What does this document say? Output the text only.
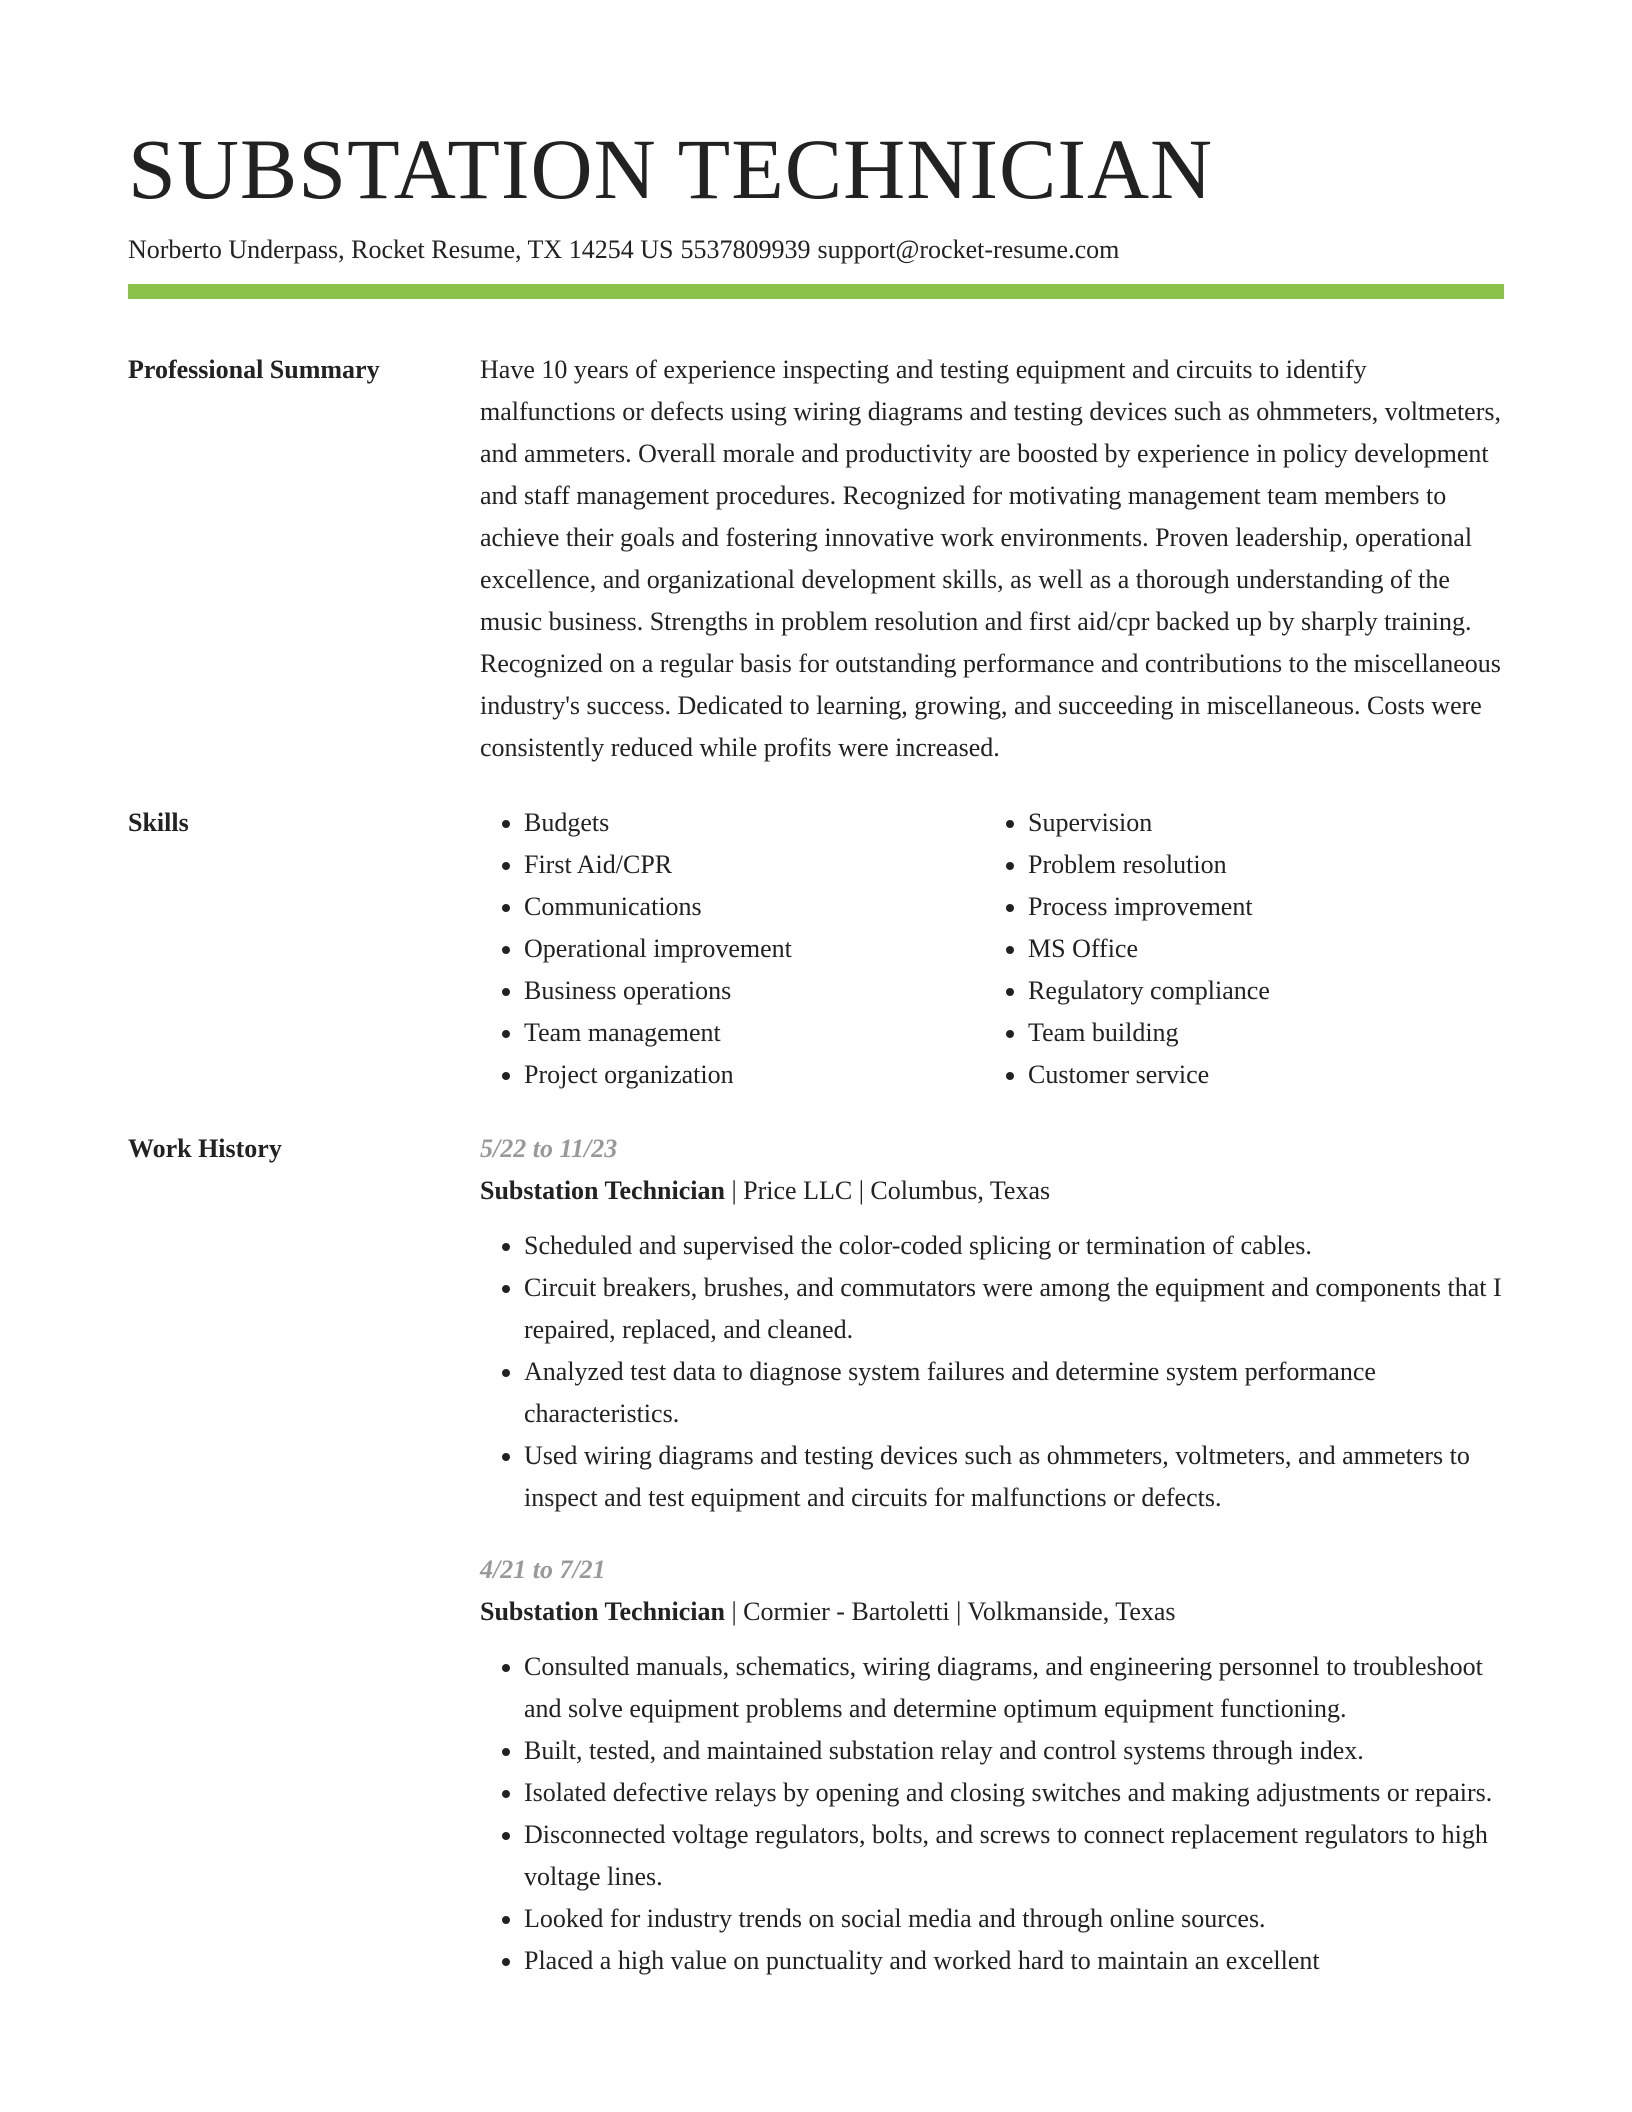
SUBSTATION TECHNICIAN
Norberto Underpass, Rocket Resume, TX 14254 US 5537809939 support@rocket-resume.com
Professional Summary	Have 10 years of experience inspecting and testing equipment and circuits to identify malfunctions or defects using wiring diagrams and testing devices such as ohmmeters, voltmeters, and ammeters. Overall morale and productivity are boosted by experience in policy development and staff management procedures. Recognized for motivating management team members to achieve their goals and fostering innovative work environments. Proven leadership, operational excellence, and organizational development skills, as well as a thorough understanding of the music business. Strengths in problem resolution and first aid/cpr backed up by sharply training. Recognized on a regular basis for outstanding performance and contributions to the miscellaneous industry's success. Dedicated to learning, growing, and succeeding in miscellaneous. Costs were consistently reduced while profits were increased.

Skills
•	Budgets
• First Aid/CPR
• Communications
• Operational improvement
• Business operations
• Team management
• Project organization
• Supervision
• Problem resolution
• Process improvement
• MS Office
• Regulatory compliance
• Team building
• Customer service
Work History	5/22 to 11/23
Substation Technician | Price LLC | Columbus, Texas
• Scheduled and supervised the color-coded splicing or termination of cables.
• Circuit breakers, brushes, and commutators were among the equipment and components that I repaired, replaced, and cleaned.
• Analyzed test data to diagnose system failures and determine system performance characteristics.
• Used wiring diagrams and testing devices such as ohmmeters, voltmeters, and ammeters to inspect and test equipment and circuits for malfunctions or defects.
4/21 to 7/21
Substation Technician | Cormier - Bartoletti | Volkmanside, Texas
• Consulted manuals, schematics, wiring diagrams, and engineering personnel to troubleshoot and solve equipment problems and determine optimum equipment functioning.
• Built, tested, and maintained substation relay and control systems through index.
• Isolated defective relays by opening and closing switches and making adjustments or repairs.
• Disconnected voltage regulators, bolts, and screws to connect replacement regulators to high voltage lines.
• Looked for industry trends on social media and through online sources.
• Placed a high value on punctuality and worked hard to maintain an excellent
